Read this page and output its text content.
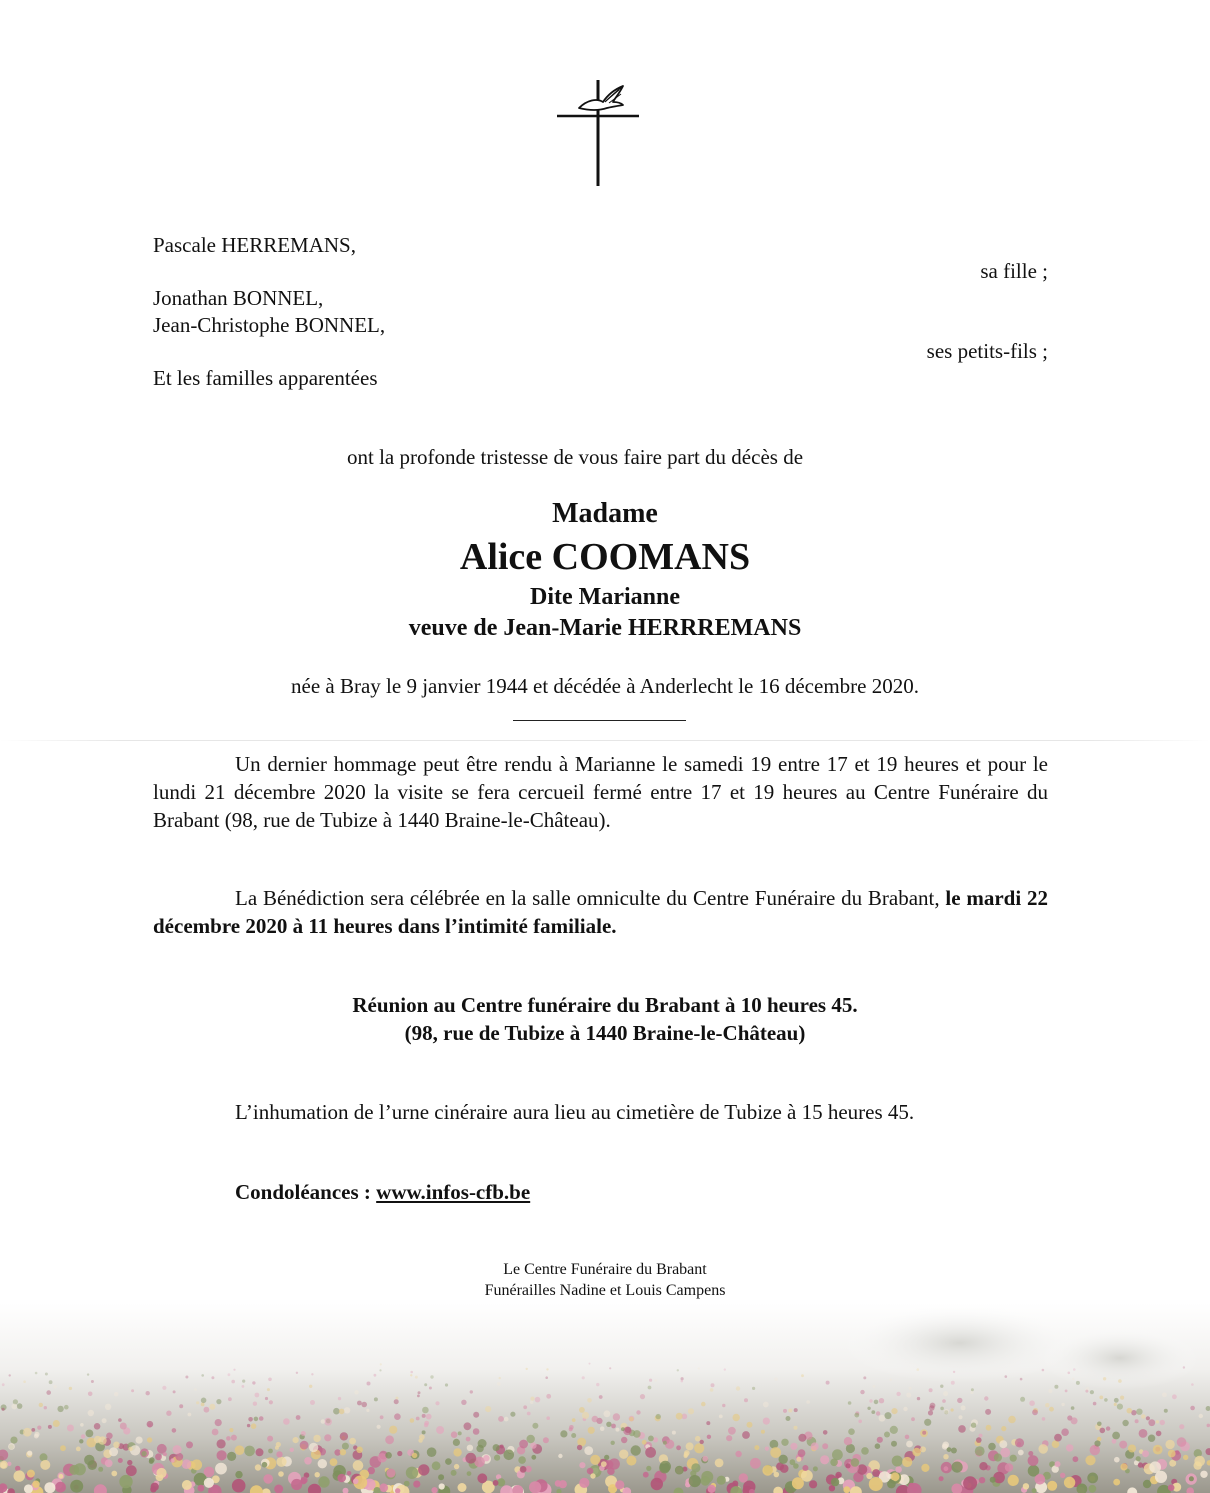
Pascale HERREMANS,
sa fille ;
Jonathan BONNEL,
Jean-Christophe BONNEL,
ses petits-fils ;
Et les familles apparentées
ont la profonde tristesse de vous faire part du décès de
Madame
Alice COOMANS
Dite Marianne
veuve de Jean-Marie HERRREMANS
née à Bray le 9 janvier 1944 et décédée à Anderlecht le 16 décembre 2020.
Un dernier hommage peut être rendu à Marianne le samedi 19 entre 17 et 19 heures et pour le lundi 21 décembre 2020 la visite se fera cercueil fermé entre 17 et 19 heures au Centre Funéraire du Brabant (98, rue de Tubize à 1440 Braine-le-Château).
La Bénédiction sera célébrée en la salle omniculte du Centre Funéraire du Brabant, le mardi 22 décembre 2020 à 11 heures dans l’intimité familiale.
Réunion au Centre funéraire du Brabant à 10 heures 45.
(98, rue de Tubize à 1440 Braine-le-Château)
L’inhumation de l’urne cinéraire aura lieu au cimetière de Tubize à 15 heures 45.
Condoléances : www.infos-cfb.be
Le Centre Funéraire du Brabant
Funérailles Nadine et Louis Campens
